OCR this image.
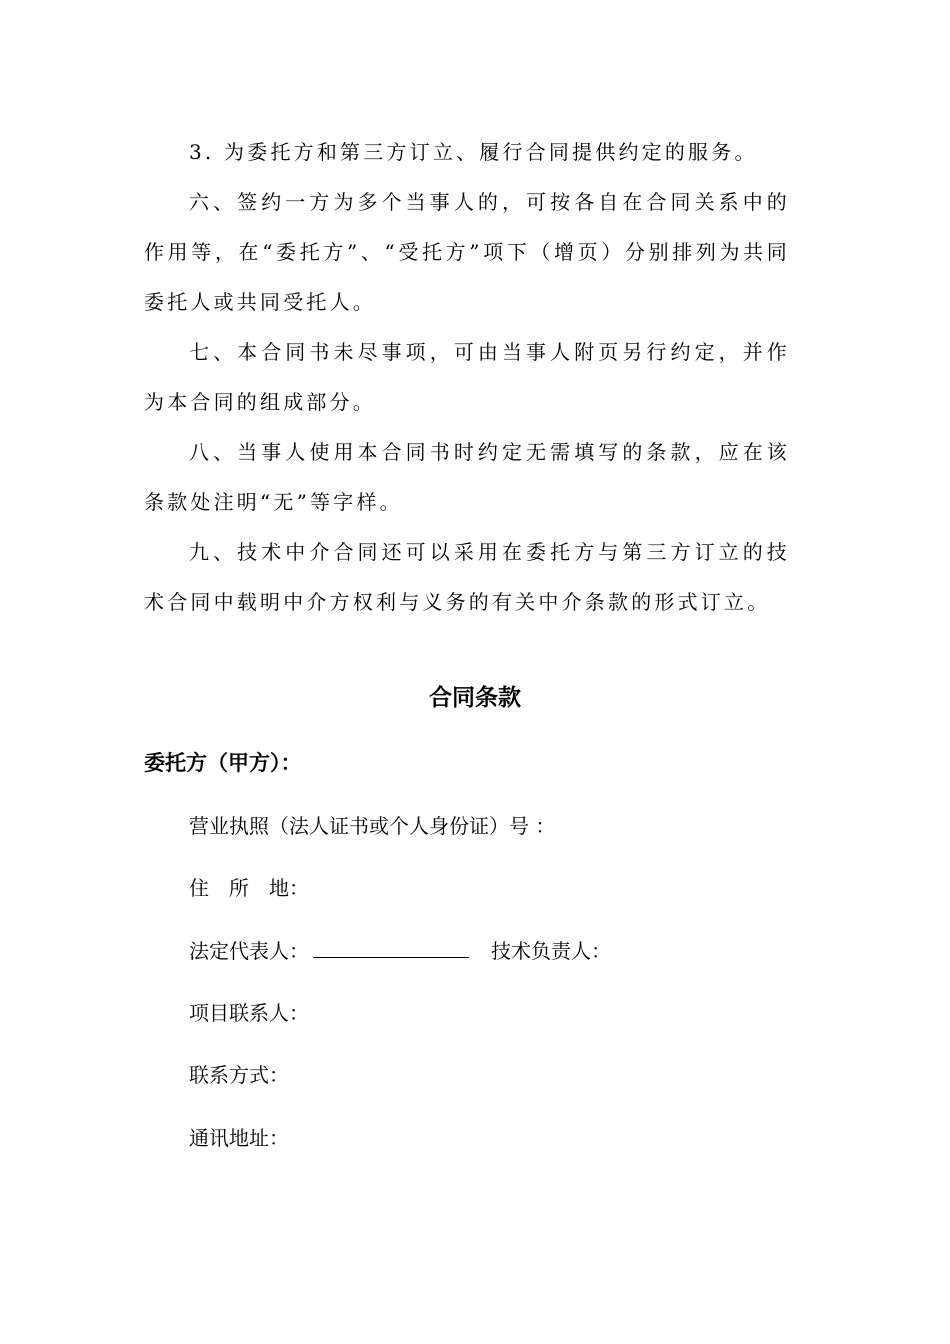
3. 为委托方和第三方订立、履行合同提供约定的服务。

六、签约一方为多个当事人的，可按各自在合同关系中的作用等，在“委托方”、“受托方”项下（增页）分别排列为共同委托人或共同受托人。

七、本合同书未尽事项，可由当事人附页另行约定，并作为本合同的组成部分。

八、当事人使用本合同书时约定无需填写的条款，应在该条款处注明“无”等字样。

九、技术中介合同还可以采用在委托方与第三方订立的技术合同中载明中介方权利与义务的有关中介条款的形式订立。

合同条款

委托方（甲方）：

营业执照（法人证书或个人身份证）号 ：

住　所　地：

法定代表人：	技术负责人：

项目联系人：

联系方式：

通讯地址：
